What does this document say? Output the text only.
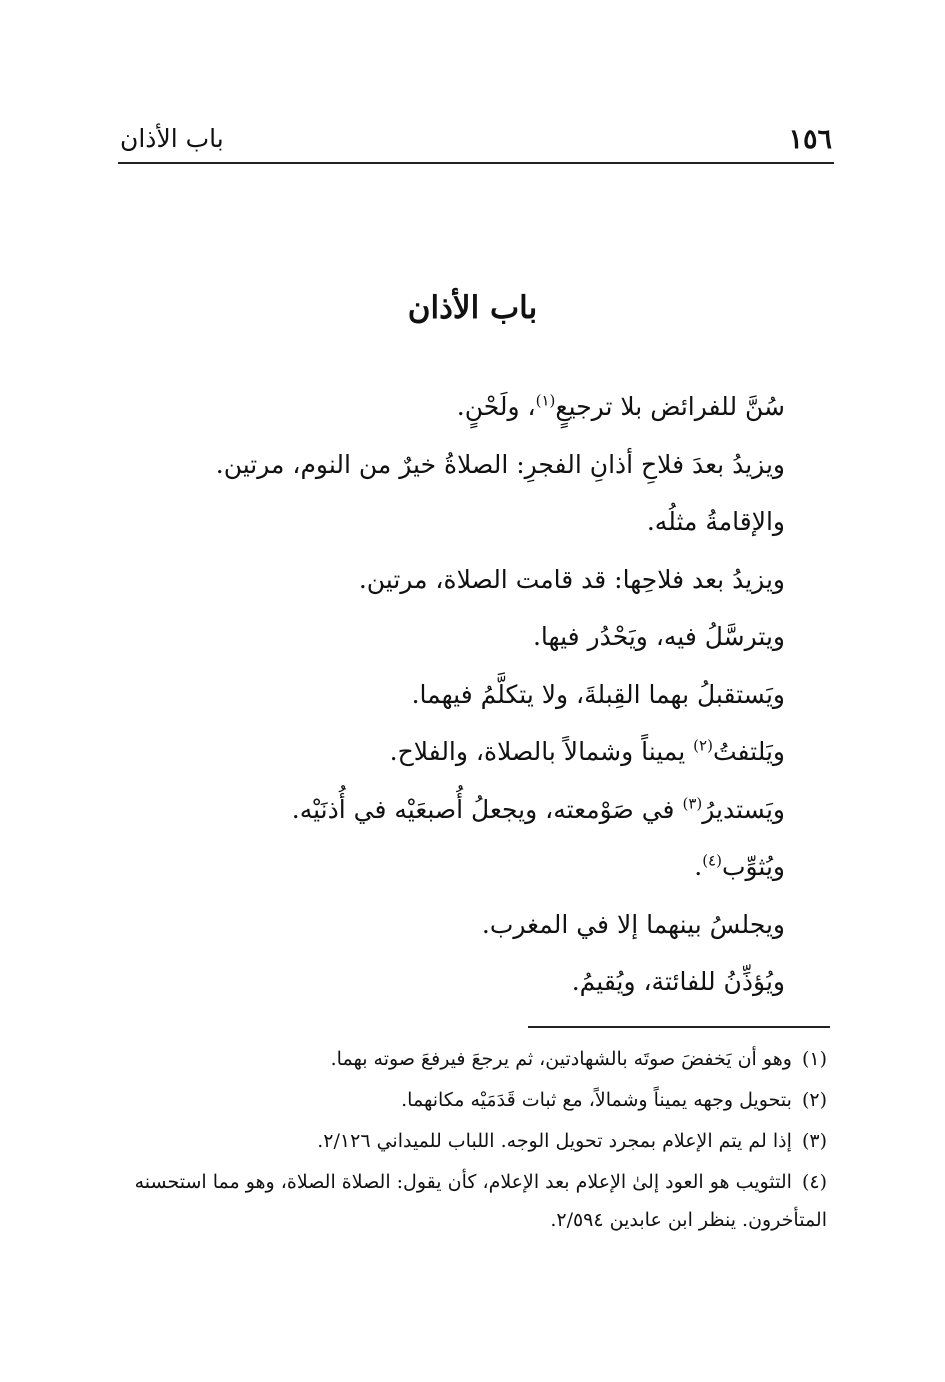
١٥٦
باب الأذان
باب الأذان
سُنَّ للفرائض بلا ترجيعٍ$^{(١)}$، ولَحْنٍ.
ويزيدُ بعدَ فلاحِ أذانِ الفجرِ: الصلاةُ خيرٌ من النوم، مرتين.
والإقامةُ مثلُه.
ويزيدُ بعد فلاحِها: قد قامت الصلاة، مرتين.
ويترسَّلُ فيه، ويَحْدُر فيها.
ويَستقبلُ بهما القِبلةَ، ولا يتكلَّمُ فيهما.
ويَلتفتُ$^{(٢)}$ يميناً وشمالاً بالصلاة، والفلاح.
ويَستديرُ$^{(٣)}$ في صَوْمعته، ويجعلُ أُصبعَيْه في أُذنَيْه.
ويُثوِّب$^{(٤)}$.
ويجلسُ بينهما إلا في المغرب.
ويُؤذِّنُ للفائتة، ويُقيمُ.
(١) وهو أن يَخفضَ صوتَه بالشهادتين، ثم يرجعَ فيرفعَ صوته بهما.
(٢) بتحويل وجهه يميناً وشمالاً، مع ثبات قَدَمَيْه مكانهما.
(٣) إذا لم يتم الإعلام بمجرد تحويل الوجه. اللباب للميداني ٢/١٢٦.
(٤) التثويب هو العود إلىٰ الإعلام بعد الإعلام، كأن يقول: الصلاة الصلاة، وهو مما استحسنه المتأخرون. ينظر ابن عابدين ٢/٥٩٤.
